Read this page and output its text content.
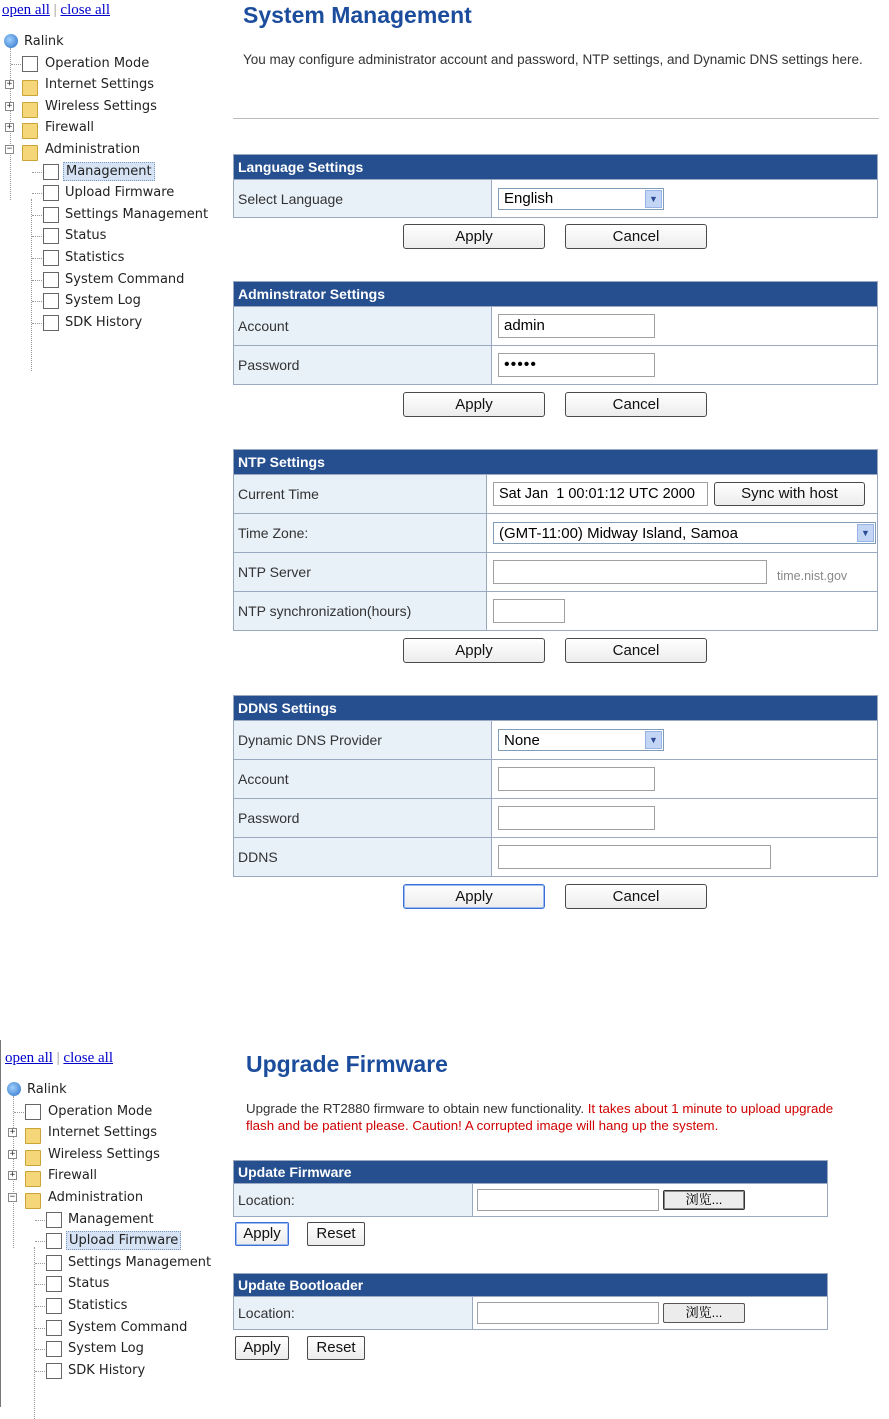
open all | close all
Ralink
Operation Mode
+	Internet Settings
+	Wireless Settings
+	Firewall
−	Administration
Management
Upload Firmware
Settings Management
Status
Statistics
System Command
System Log
SDK History
System Management
You may configure administrator account and password, NTP settings, and Dynamic DNS settings here.
Language Settings
Select Language	English	▼
Apply	Cancel
Adminstrator Settings
Account	admin
Password	•••••
Apply	Cancel
NTP Settings
Current Time	Sat Jan  1 00:01:12 UTC 2000	Sync with host
Time Zone:	(GMT-11:00) Midway Island, Samoa	▼
NTP Server	time.nist.gov
NTP synchronization(hours)
Apply	Cancel
DDNS Settings
Dynamic DNS Provider	None	▼
Account
Password
DDNS
Apply	Cancel
open all | close all
Ralink
Operation Mode
+	Internet Settings
+	Wireless Settings
+	Firewall
−	Administration
Management
Upload Firmware
Settings Management
Status
Statistics
System Command
System Log
SDK History
Upgrade Firmware
Upgrade the RT2880 firmware to obtain new functionality. It takes about 1 minute to upload upgrade flash and be patient please. Caution! A corrupted image will hang up the system.
Update Firmware
Location:	浏览...
Apply	Reset
Update Bootloader
Location:	浏览...
Apply	Reset
